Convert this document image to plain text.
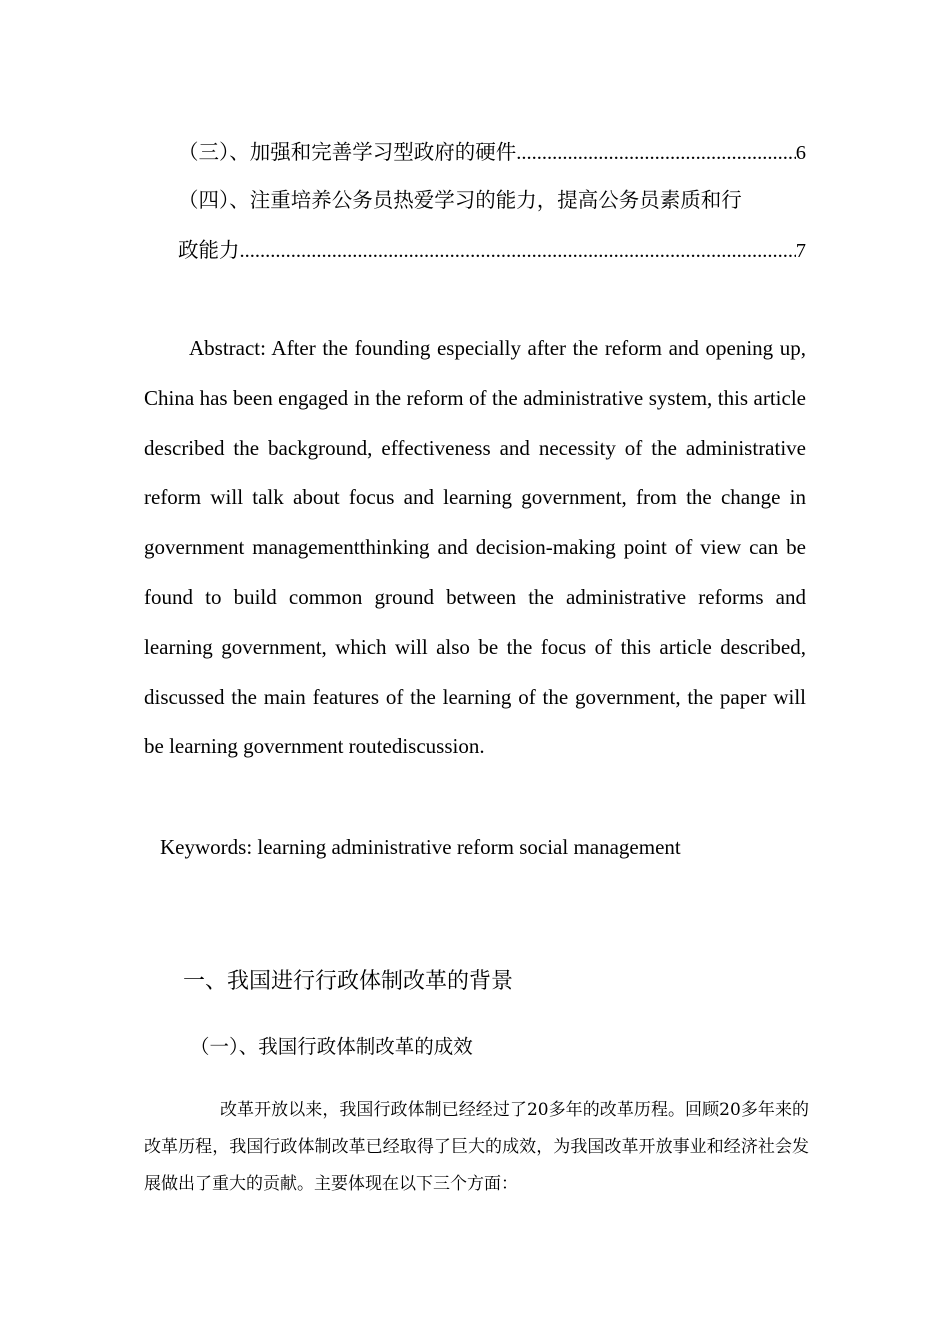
（三）、加强和完善学习型政府的硬件 .....	6
（四）、注重培养公务员热爱学习的能力，提高公务员素质和行
政能力 .....	7

Abstract: After the founding especially after the reform and opening up, China has been engaged in the reform of the administrative system, this article described the background, effectiveness and necessity of the administrative reform will talk about focus and learning government, from the change in government managementthinking and decision-making point of view can be found to build common ground between the administrative reforms and learning government, which will also be the focus of this article described, discussed the main features of the learning of the government, the paper will be learning government routediscussion.

Keywords: learning administrative reform social management

一、我国进行行政体制改革的背景
（一）、我国行政体制改革的成效

改革开放以来，我国行政体制已经经过了20多年的改革历程。回顾20多年来的改革历程，我国行政体制改革已经取得了巨大的成效，为我国改革开放事业和经济社会发展做出了重大的贡献。主要体现在以下三个方面：
